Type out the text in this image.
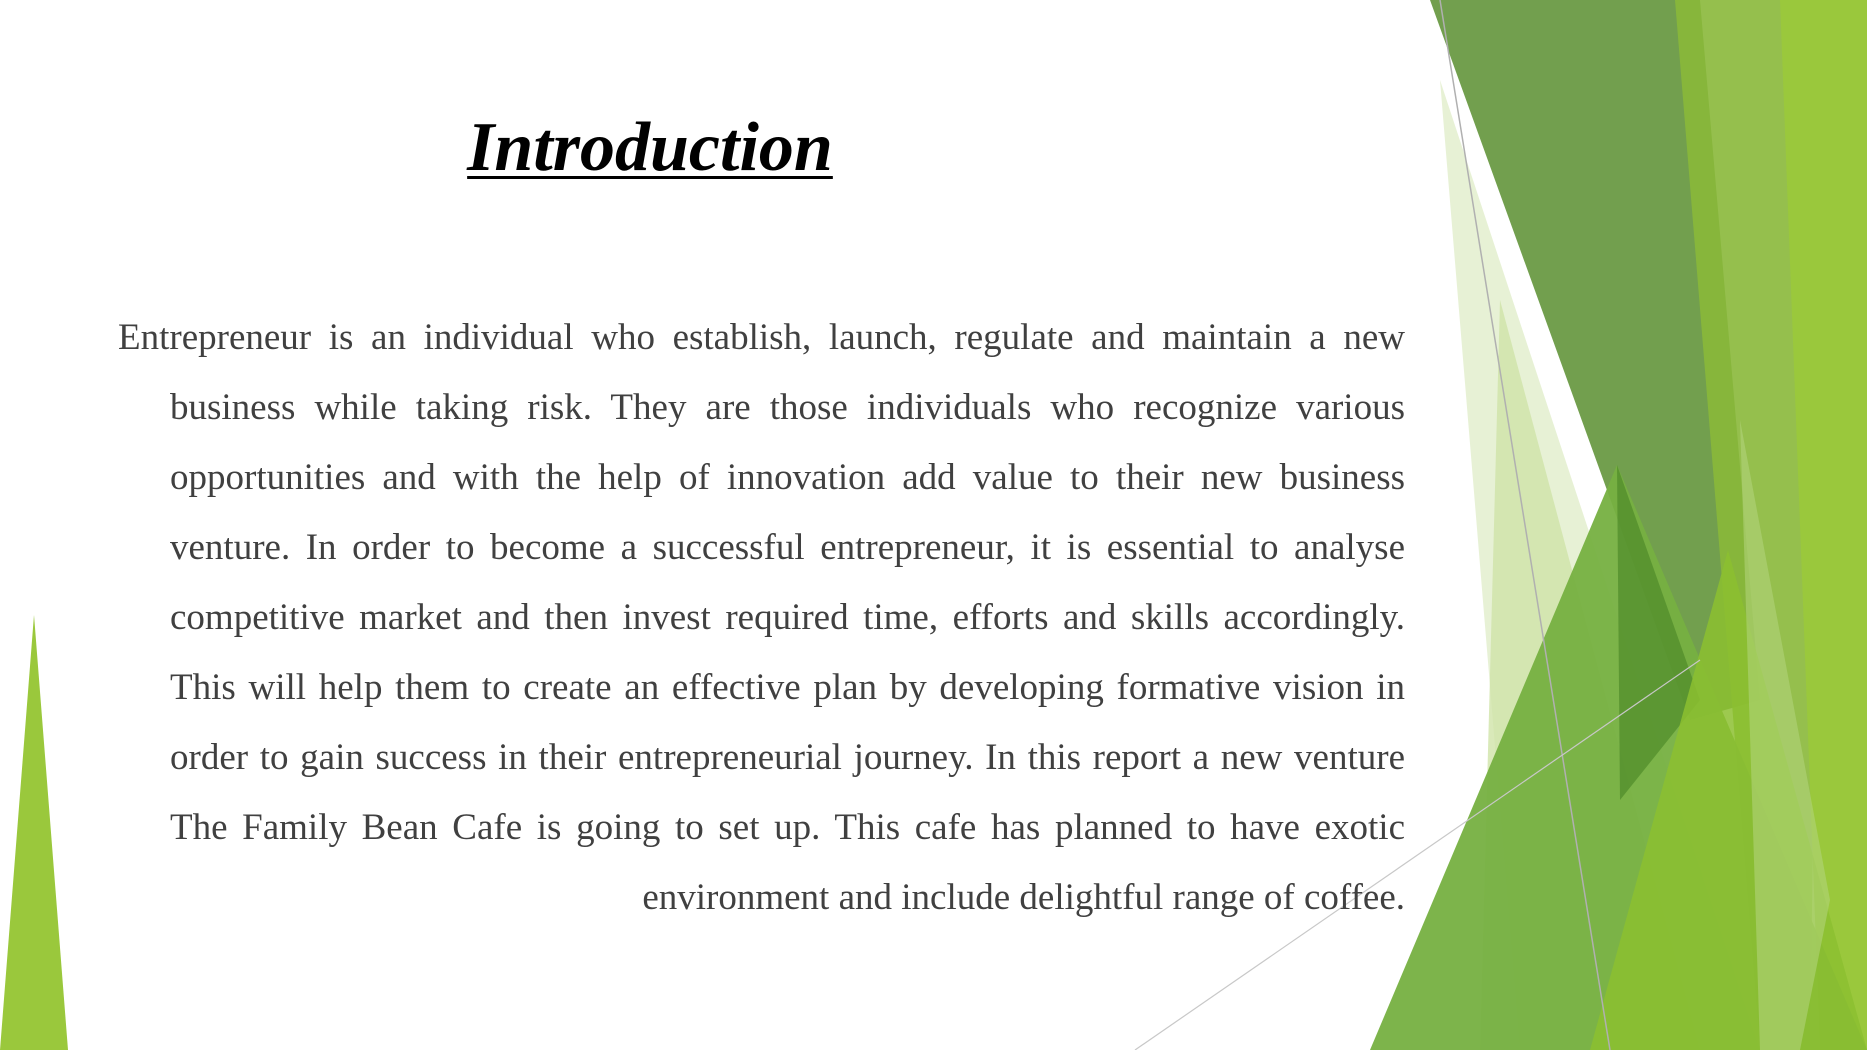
Introduction
Entrepreneur is an individual who establish, launch, regulate and maintain a new business while taking risk. They are those individuals who recognize various opportunities and with the help of innovation add value to their new business venture. In order to become a successful entrepreneur, it is essential to analyse competitive market and then invest required time, efforts and skills accordingly. This will help them to create an effective plan by developing formative vision in order to gain success in their entrepreneurial journey. In this report a new venture The Family Bean Cafe is going to set up. This cafe has planned to have exotic environment and include delightful range of coffee.
